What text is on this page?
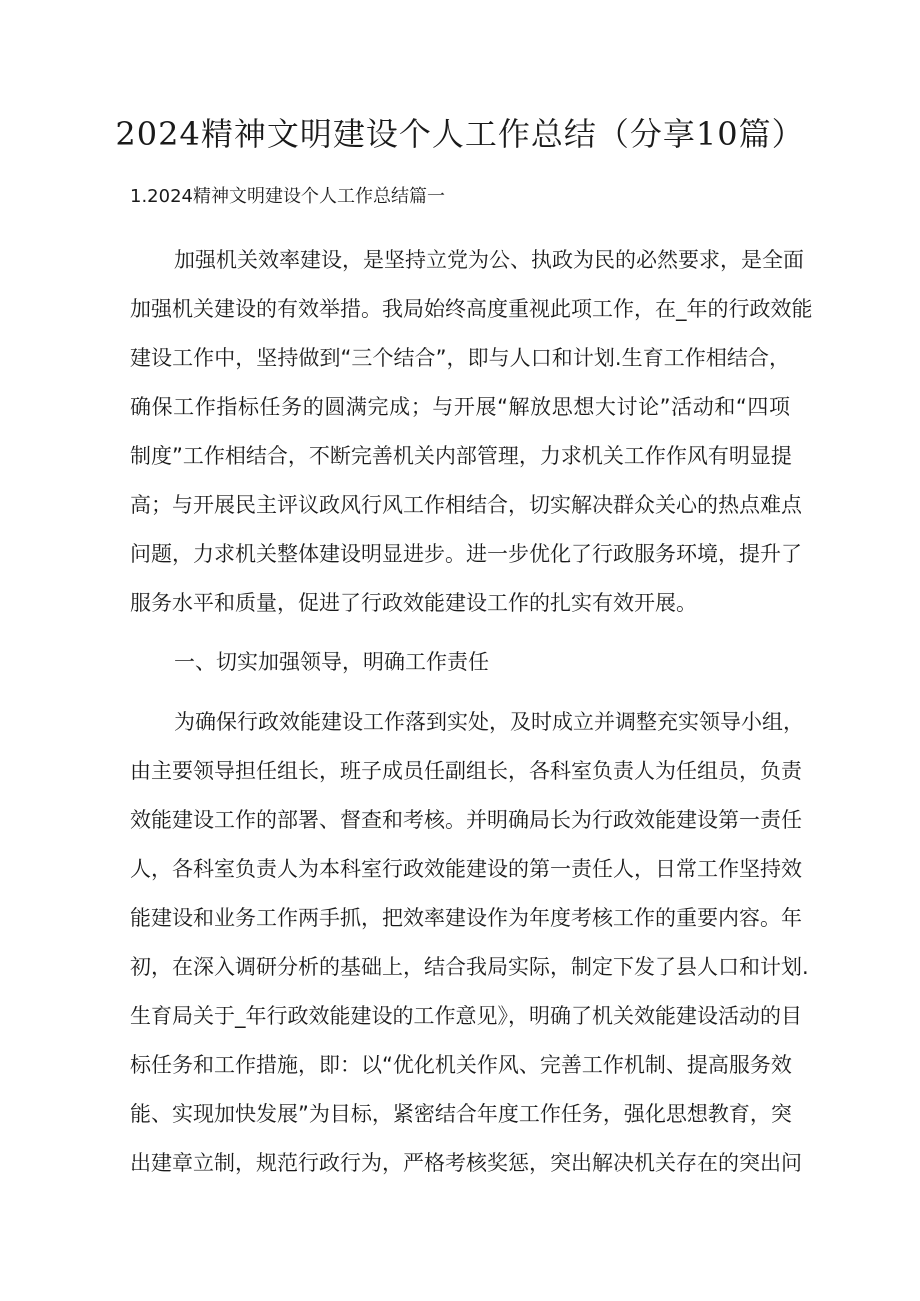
2024精神文明建设个人工作总结（分享10篇）
1.2024精神文明建设个人工作总结篇一
加强机关效率建设，是坚持立党为公、执政为民的必然要求，是全面
加强机关建设的有效举措。我局始终高度重视此项工作，在_年的行政效能
建设工作中，坚持做到“三个结合”，即与人口和计划.生育工作相结合，
确保工作指标任务的圆满完成；与开展“解放思想大讨论”活动和“四项
制度”工作相结合，不断完善机关内部管理，力求机关工作作风有明显提
高；与开展民主评议政风行风工作相结合，切实解决群众关心的热点难点
问题，力求机关整体建设明显进步。进一步优化了行政服务环境，提升了
服务水平和质量，促进了行政效能建设工作的扎实有效开展。
一、切实加强领导，明确工作责任
为确保行政效能建设工作落到实处，及时成立并调整充实领导小组，
由主要领导担任组长，班子成员任副组长，各科室负责人为任组员，负责
效能建设工作的部署、督查和考核。并明确局长为行政效能建设第一责任
人，各科室负责人为本科室行政效能建设的第一责任人，日常工作坚持效
能建设和业务工作两手抓，把效率建设作为年度考核工作的重要内容。年
初，在深入调研分析的基础上，结合我局实际，制定下发了县人口和计划.
生育局关于_年行政效能建设的工作意见》，明确了机关效能建设活动的目
标任务和工作措施，即：以“优化机关作风、完善工作机制、提高服务效
能、实现加快发展”为目标，紧密结合年度工作任务，强化思想教育，突
出建章立制，规范行政行为，严格考核奖惩，突出解决机关存在的突出问
